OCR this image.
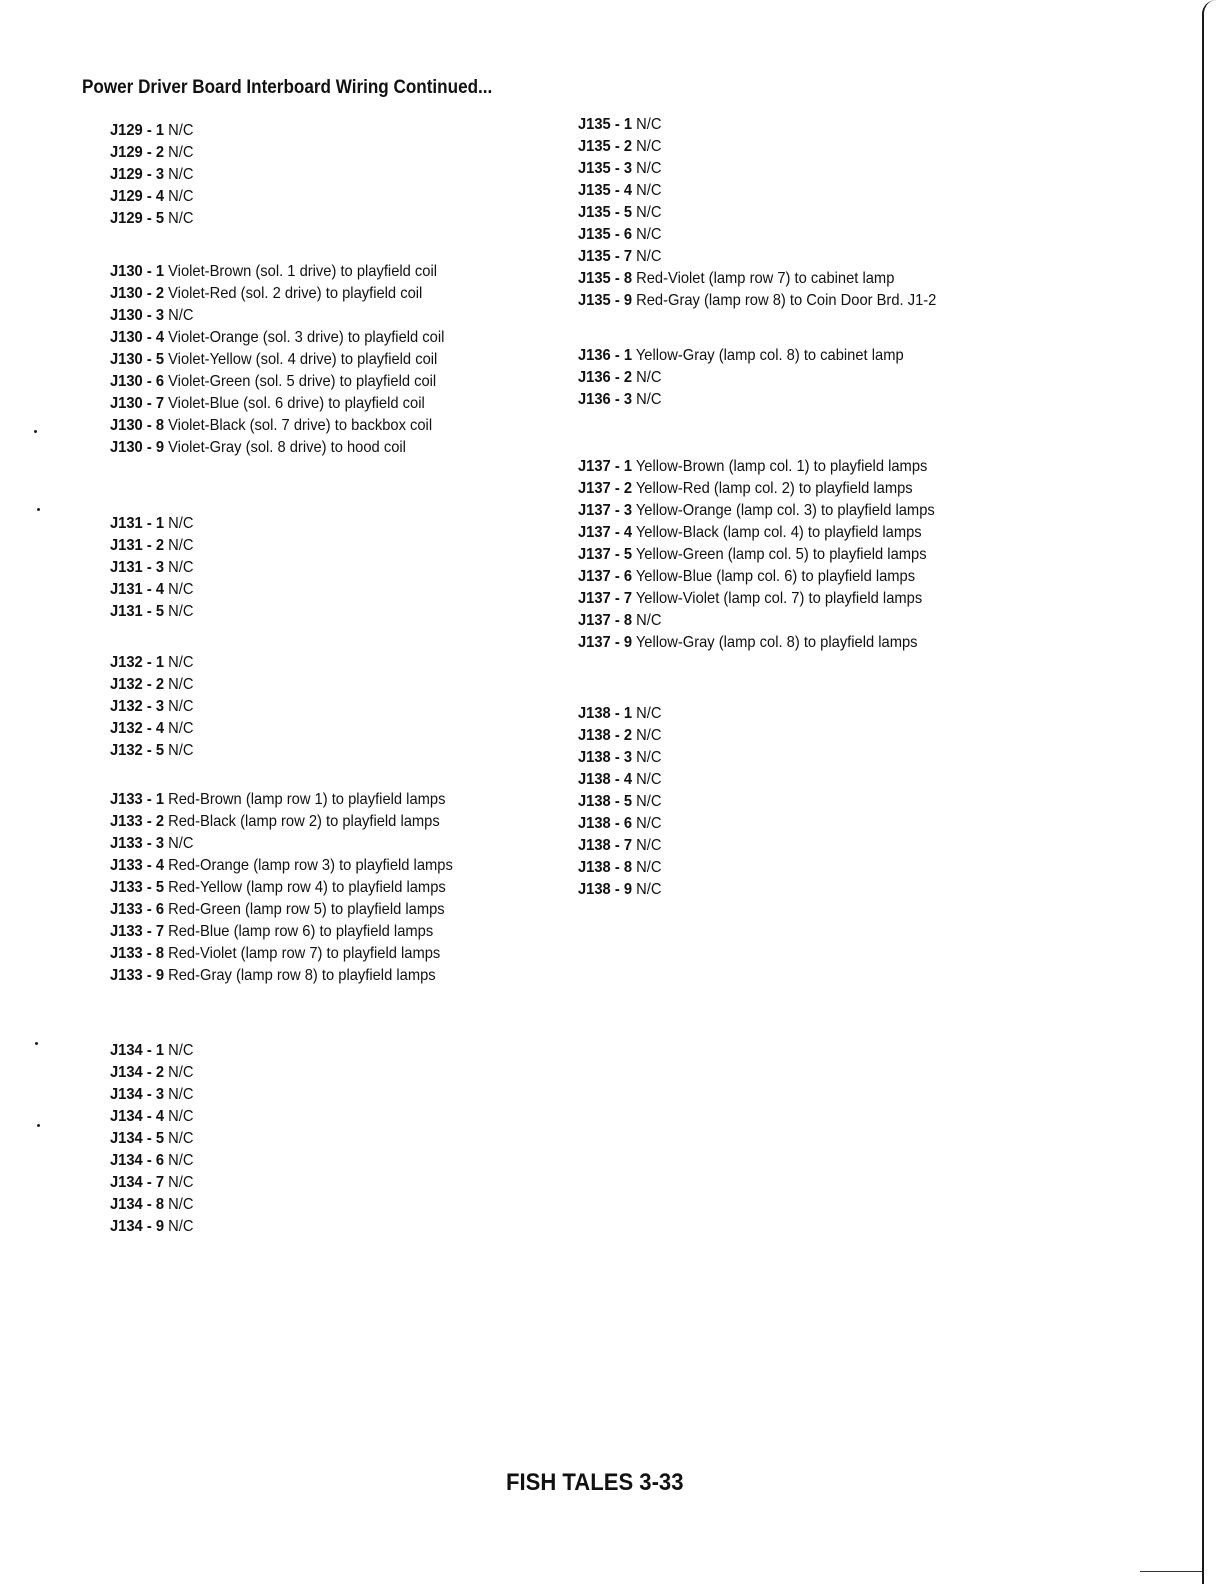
Power Driver Board Interboard Wiring Continued...
J129 - 1 N/C
J129 - 2 N/C
J129 - 3 N/C
J129 - 4 N/C
J129 - 5 N/C
J130 - 1 Violet-Brown (sol. 1 drive) to playfield coil
J130 - 2 Violet-Red (sol. 2 drive) to playfield coil
J130 - 3 N/C
J130 - 4 Violet-Orange (sol. 3 drive) to playfield coil
J130 - 5 Violet-Yellow (sol. 4 drive) to playfield coil
J130 - 6 Violet-Green (sol. 5 drive) to playfield coil
J130 - 7 Violet-Blue (sol. 6 drive) to playfield coil
J130 - 8 Violet-Black (sol. 7 drive) to backbox coil
J130 - 9 Violet-Gray (sol. 8 drive) to hood coil
J131 - 1 N/C
J131 - 2 N/C
J131 - 3 N/C
J131 - 4 N/C
J131 - 5 N/C
J132 - 1 N/C
J132 - 2 N/C
J132 - 3 N/C
J132 - 4 N/C
J132 - 5 N/C
J133 - 1 Red-Brown (lamp row 1) to playfield lamps
J133 - 2 Red-Black (lamp row 2) to playfield lamps
J133 - 3 N/C
J133 - 4 Red-Orange (lamp row 3) to playfield lamps
J133 - 5 Red-Yellow (lamp row 4) to playfield lamps
J133 - 6 Red-Green (lamp row 5) to playfield lamps
J133 - 7 Red-Blue (lamp row 6) to playfield lamps
J133 - 8 Red-Violet (lamp row 7) to playfield lamps
J133 - 9 Red-Gray (lamp row 8) to playfield lamps
J134 - 1 N/C
J134 - 2 N/C
J134 - 3 N/C
J134 - 4 N/C
J134 - 5 N/C
J134 - 6 N/C
J134 - 7 N/C
J134 - 8 N/C
J134 - 9 N/C
J135 - 1 N/C
J135 - 2 N/C
J135 - 3 N/C
J135 - 4 N/C
J135 - 5 N/C
J135 - 6 N/C
J135 - 7 N/C
J135 - 8 Red-Violet (lamp row 7) to cabinet lamp
J135 - 9 Red-Gray (lamp row 8) to Coin Door Brd. J1-2
J136 - 1 Yellow-Gray (lamp col. 8) to cabinet lamp
J136 - 2 N/C
J136 - 3 N/C
J137 - 1 Yellow-Brown (lamp col. 1) to playfield lamps
J137 - 2 Yellow-Red (lamp col. 2) to playfield lamps
J137 - 3 Yellow-Orange (lamp col. 3) to playfield lamps
J137 - 4 Yellow-Black (lamp col. 4) to playfield lamps
J137 - 5 Yellow-Green (lamp col. 5) to playfield lamps
J137 - 6 Yellow-Blue (lamp col. 6) to playfield lamps
J137 - 7 Yellow-Violet (lamp col. 7) to playfield lamps
J137 - 8 N/C
J137 - 9 Yellow-Gray (lamp col. 8) to playfield lamps
J138 - 1 N/C
J138 - 2 N/C
J138 - 3 N/C
J138 - 4 N/C
J138 - 5 N/C
J138 - 6 N/C
J138 - 7 N/C
J138 - 8 N/C
J138 - 9 N/C

FISH TALES 3-33
